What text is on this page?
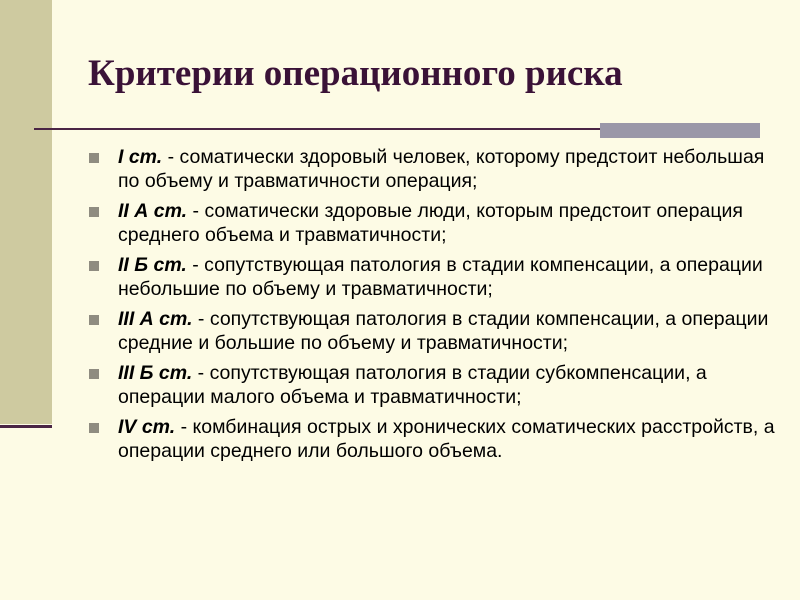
Критерии операционного риска
I ст. - соматически здоровый человек, которому предстоит небольшая по объему и травматичности операция;
II А ст. - соматически здоровые люди, которым предстоит операция среднего объема и травматичности;
II Б ст. - сопутствующая патология в стадии компенсации, а операции небольшие по объему и травматичности;
III А ст. - сопутствующая патология в стадии компенсации, а операции средние и большие по объему и травматичности;
III Б ст. - сопутствующая патология в стадии субкомпенсации, а операции малого объема и травматичности;
IV ст. - комбинация острых и хронических соматических расстройств, а операции среднего или большого объема.
